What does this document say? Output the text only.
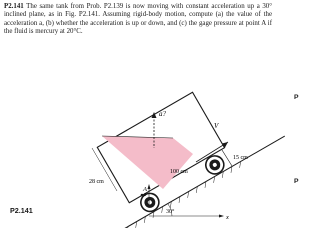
P2.141 The same tank from Prob. P2.139 is now moving with constant acceleration up a 30° inclined plane, as in Fig. P2.141. Assuming rigid-body motion, compute (a) the value of the acceleration a, (b) whether the acceleration is up or down, and (c) the gage pressure at point A if the fluid is mercury at 20°C.
P
P
V
a?
15 cm
100 cm
28 cm
A
30°
z
x
P2.141
